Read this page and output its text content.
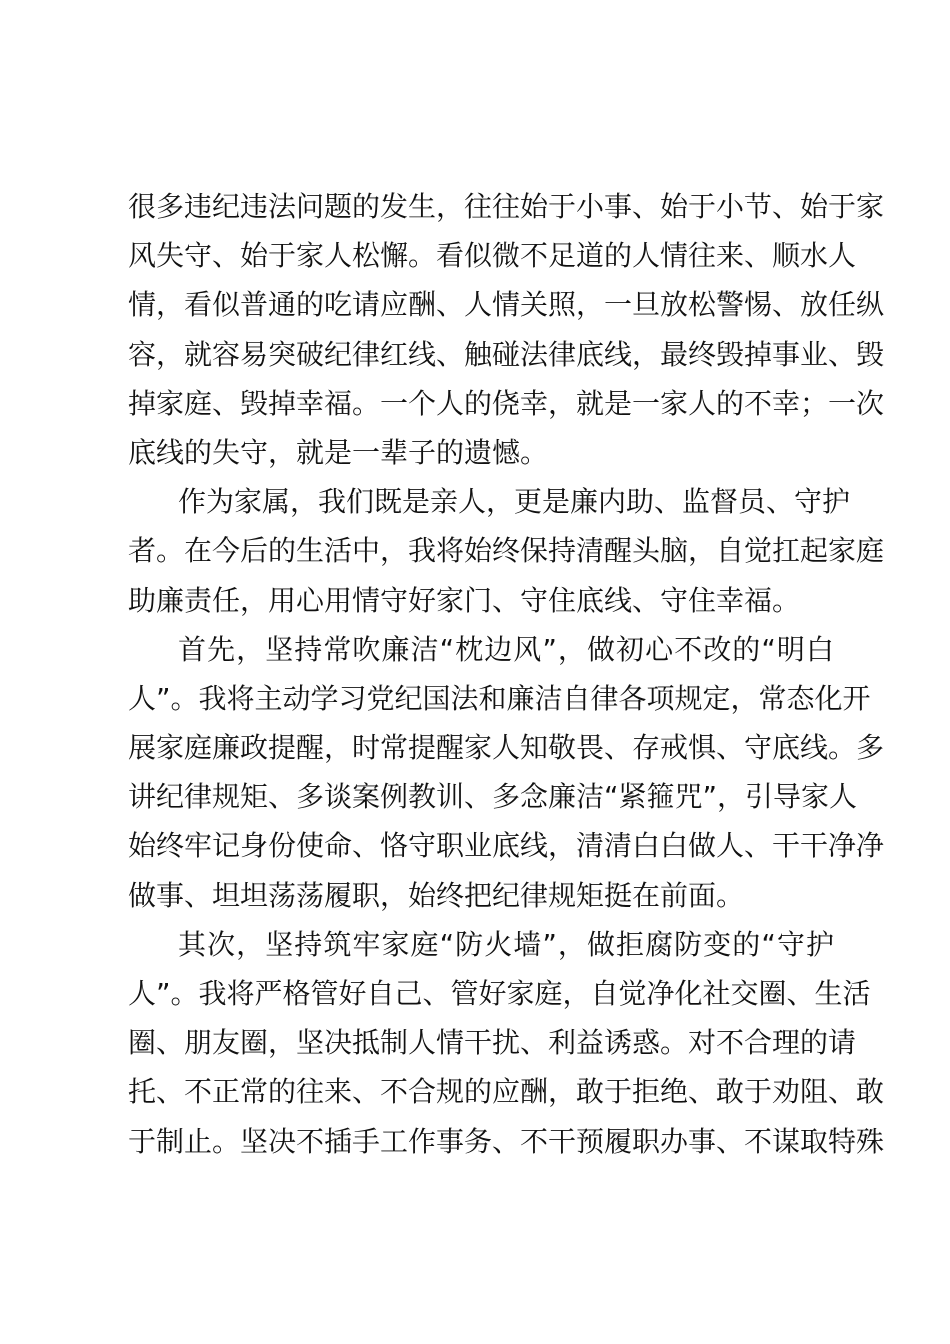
很多违纪违法问题的发生，往往始于小事、始于小节、始于家
风失守、始于家人松懈。看似微不足道的人情往来、顺水人
情，看似普通的吃请应酬、人情关照，一旦放松警惕、放任纵
容，就容易突破纪律红线、触碰法律底线，最终毁掉事业、毁
掉家庭、毁掉幸福。一个人的侥幸，就是一家人的不幸；一次
底线的失守，就是一辈子的遗憾。
作为家属，我们既是亲人，更是廉内助、监督员、守护
者。在今后的生活中，我将始终保持清醒头脑，自觉扛起家庭
助廉责任，用心用情守好家门、守住底线、守住幸福。
首先，坚持常吹廉洁“枕边风”，做初心不改的“明白
人”。我将主动学习党纪国法和廉洁自律各项规定，常态化开
展家庭廉政提醒，时常提醒家人知敬畏、存戒惧、守底线。多
讲纪律规矩、多谈案例教训、多念廉洁“紧箍咒”，引导家人
始终牢记身份使命、恪守职业底线，清清白白做人、干干净净
做事、坦坦荡荡履职，始终把纪律规矩挺在前面。
其次，坚持筑牢家庭“防火墙”，做拒腐防变的“守护
人”。我将严格管好自己、管好家庭，自觉净化社交圈、生活
圈、朋友圈，坚决抵制人情干扰、利益诱惑。对不合理的请
托、不正常的往来、不合规的应酬，敢于拒绝、敢于劝阻、敢
于制止。坚决不插手工作事务、不干预履职办事、不谋取特殊
